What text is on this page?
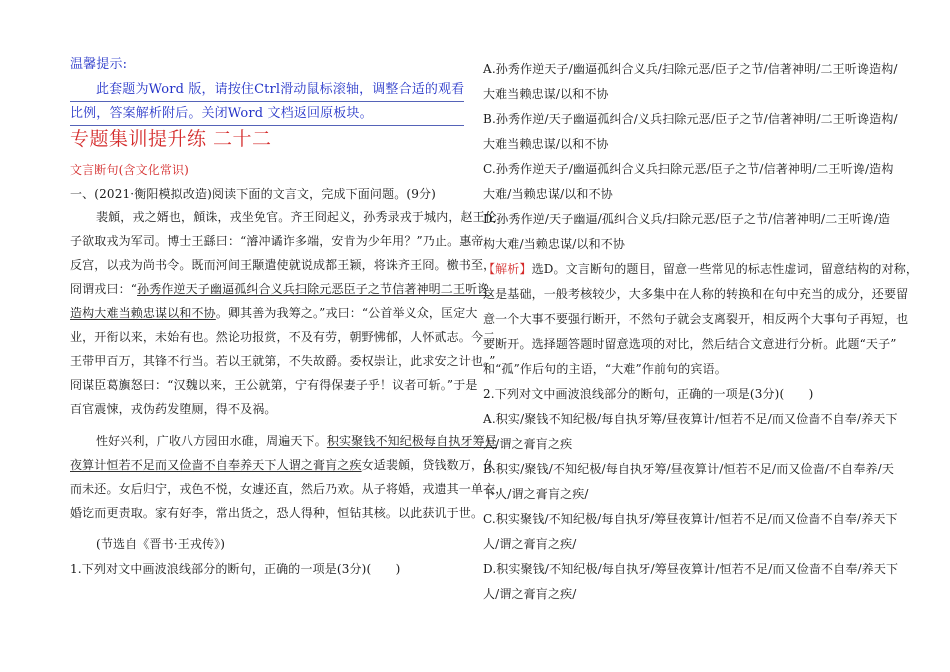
温馨提示:
此套题为Word 版，请按住Ctrl滑动鼠标滚轴，调整合适的观看
比例，答案解析附后。关闭Word 文档返回原板块。
专题集训提升练 二十二
文言断句(含文化常识)
一、(2021·衡阳模拟改造)阅读下面的文言文，完成下面问题。(9分)
裴頠，戎之婿也，頠诛，戎坐免官。齐王冏起义，孙秀录戎于城内，赵王伦
子欲取戎为军司。博士王繇曰：“濬冲谲诈多端，安肯为少年用？”乃止。惠帝
反宫，以戎为尚书令。既而河间王颙遣使就说成都王颖，将诛齐王冏。檄书至，
冏谓戎曰：“孙秀作逆天子幽逼孤纠合义兵扫除元恶臣子之节信著神明二王听谗
造构大难当赖忠谋以和不协。卿其善为我筹之。”戎曰：“公首举义众，匡定大
业，开衔以来，未始有也。然论功报赏，不及有劳，朝野怫郁，人怀贰志。今二
王带甲百万，其锋不行当。若以王就第，不失故爵。委权崇让，此求安之计也。”
冏谋臣葛旟怒曰：“汉魏以来，王公就第，宁有得保妻子乎！议者可斩。”于是
百官震悚，戎伪药发堕厕，得不及祸。
性好兴利，广收八方园田水碓，周遍天下。积实聚钱不知纪极每自执牙筹昼
夜算计恒若不足而又俭啬不自奉养天下人谓之膏肓之疾女适裴頠，贷钱数万，久
而未还。女后归宁，戎色不悦，女遽还直，然后乃欢。从子将婚，戎遗其一单衣，
婚讫而更责取。家有好李，常出货之，恐人得种，恒钻其核。以此获讥于世。
(节选自《晋书·王戎传》)
1.下列对文中画波浪线部分的断句，正确的一项是(3分)(　　)
A.孙秀作逆天子/幽逼孤纠合义兵/扫除元恶/臣子之节/信著神明/二王听谗造构/
大难当赖忠谋/以和不协
B.孙秀作逆/天子幽逼孤纠合/义兵扫除元恶/臣子之节/信著神明/二王听谗造构/
大难当赖忠谋/以和不协
C.孙秀作逆天子/幽逼孤纠合义兵扫除元恶/臣子之节/信著神明/二王听谗/造构
大难/当赖忠谋/以和不协
D.孙秀作逆/天子幽逼/孤纠合义兵/扫除元恶/臣子之节/信著神明/二王听谗/造
构大难/当赖忠谋/以和不协
【解析】选D。文言断句的题目，留意一些常见的标志性虚词，留意结构的对称，
这是基础，一般考核较少，大多集中在人称的转换和在句中充当的成分，还要留
意一个大事不要强行断开，不然句子就会支离裂开，相反两个大事句子再短，也
要断开。选择题答题时留意选项的对比，然后结合文意进行分析。此题“天子”
和“孤”作后句的主语，“大难”作前句的宾语。
2.下列对文中画波浪线部分的断句，正确的一项是(3分)(　　)
A.积实/聚钱不知纪极/每自执牙筹/昼夜算计/恒若不足/而又俭啬不自奉/养天下
人/谓之膏肓之疾
B.积实/聚钱/不知纪极/每自执牙筹/昼夜算计/恒若不足/而又俭啬/不自奉养/天
下人/谓之膏肓之疾/
C.积实聚钱/不知纪极/每自执牙/筹昼夜算计/恒若不足/而又俭啬不自奉/养天下
人/谓之膏肓之疾/
D.积实聚钱/不知纪极/每自执牙/筹昼夜算计/恒若不足/而又俭啬不自奉/养天下
人/谓之膏肓之疾/
